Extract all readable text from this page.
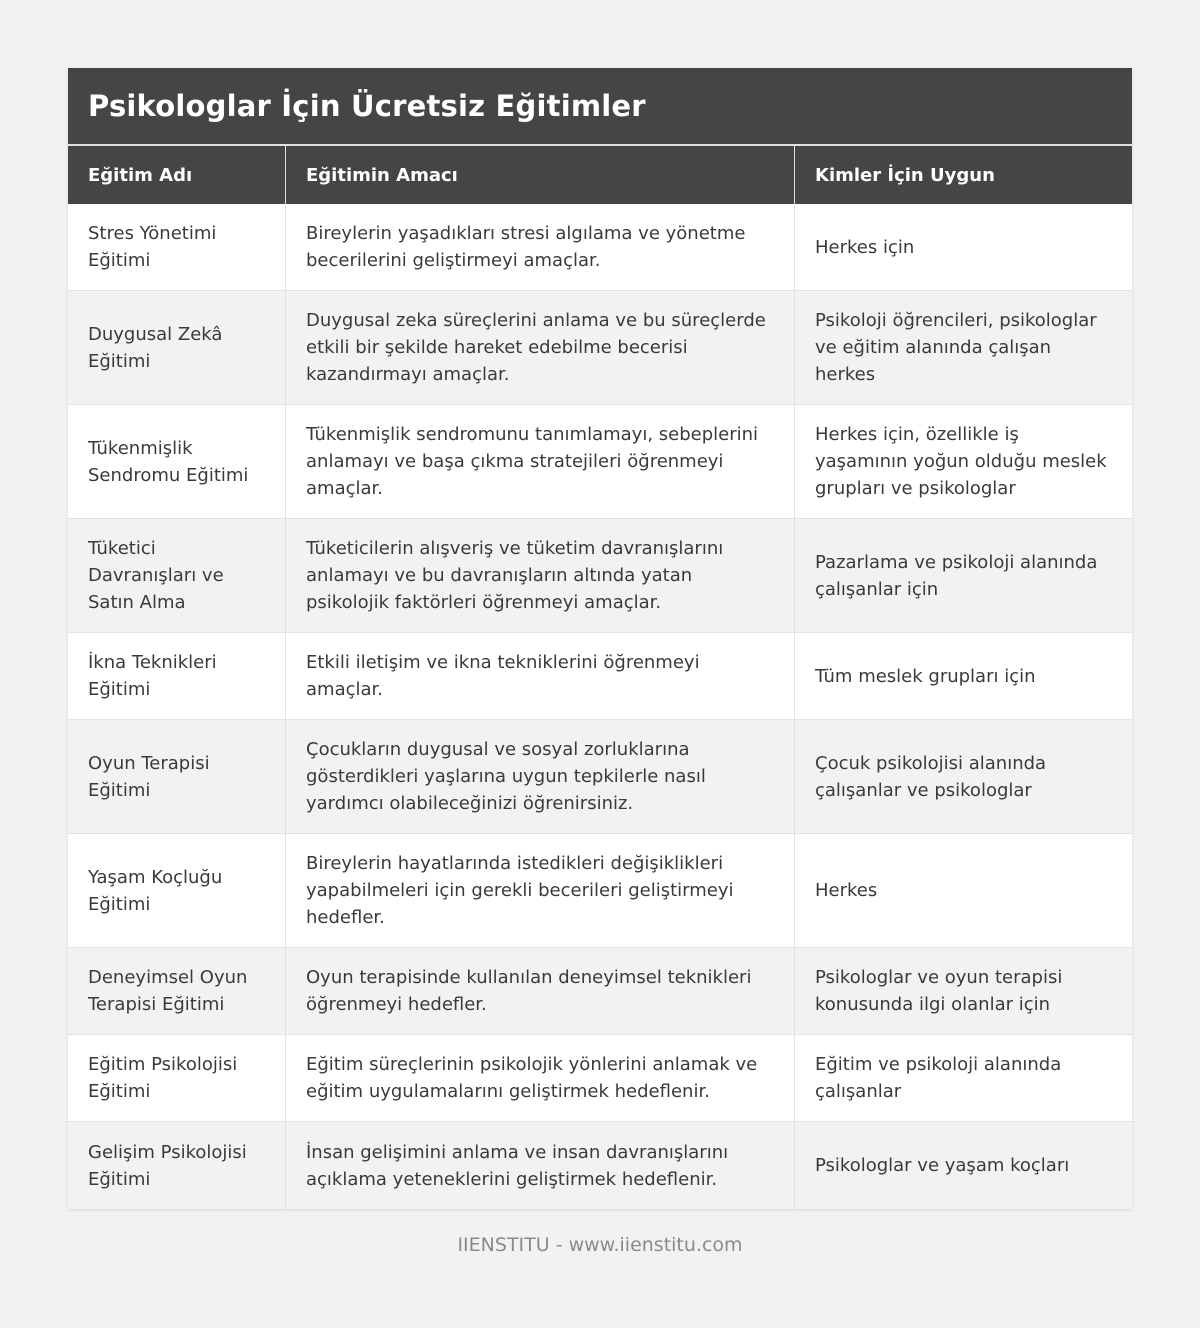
Psikologlar İçin Ücretsiz Eğitimler
Eğitim Adı	Eğitimin Amacı	Kimler İçin Uygun
Stres Yönetimi Eğitimi
Bireylerin yaşadıkları stresi algılama ve yönetme becerilerini geliştirmeyi amaçlar.
Herkes için
Duygusal Zekâ Eğitimi
Duygusal zeka süreçlerini anlama ve bu süreçlerde etkili bir şekilde hareket edebilme becerisi kazandırmayı amaçlar.
Psikoloji öğrencileri, psikologlar ve eğitim alanında çalışan herkes
Tükenmişlik Sendromu Eğitimi
Tükenmişlik sendromunu tanımlamayı, sebeplerini anlamayı ve başa çıkma stratejileri öğrenmeyi amaçlar.
Herkes için, özellikle iş yaşamının yoğun olduğu meslek grupları ve psikologlar
Tüketici Davranışları ve Satın Alma
Tüketicilerin alışveriş ve tüketim davranışlarını anlamayı ve bu davranışların altında yatan psikolojik faktörleri öğrenmeyi amaçlar.
Pazarlama ve psikoloji alanında çalışanlar için
İkna Teknikleri Eğitimi
Etkili iletişim ve ikna tekniklerini öğrenmeyi amaçlar.
Tüm meslek grupları için
Oyun Terapisi Eğitimi
Çocukların duygusal ve sosyal zorluklarına gösterdikleri yaşlarına uygun tepkilerle nasıl yardımcı olabileceğinizi öğrenirsiniz.
Çocuk psikolojisi alanında çalışanlar ve psikologlar
Yaşam Koçluğu Eğitimi
Bireylerin hayatlarında istedikleri değişiklikleri yapabilmeleri için gerekli becerileri geliştirmeyi hedefler.
Herkes
Deneyimsel Oyun Terapisi Eğitimi
Oyun terapisinde kullanılan deneyimsel teknikleri öğrenmeyi hedefler.
Psikologlar ve oyun terapisi konusunda ilgi olanlar için
Eğitim Psikolojisi Eğitimi
Eğitim süreçlerinin psikolojik yönlerini anlamak ve eğitim uygulamalarını geliştirmek hedeflenir.
Eğitim ve psikoloji alanında çalışanlar
Gelişim Psikolojisi Eğitimi
İnsan gelişimini anlama ve insan davranışlarını açıklama yeteneklerini geliştirmek hedeflenir.
Psikologlar ve yaşam koçları
IIENSTITU - www.iienstitu.com
